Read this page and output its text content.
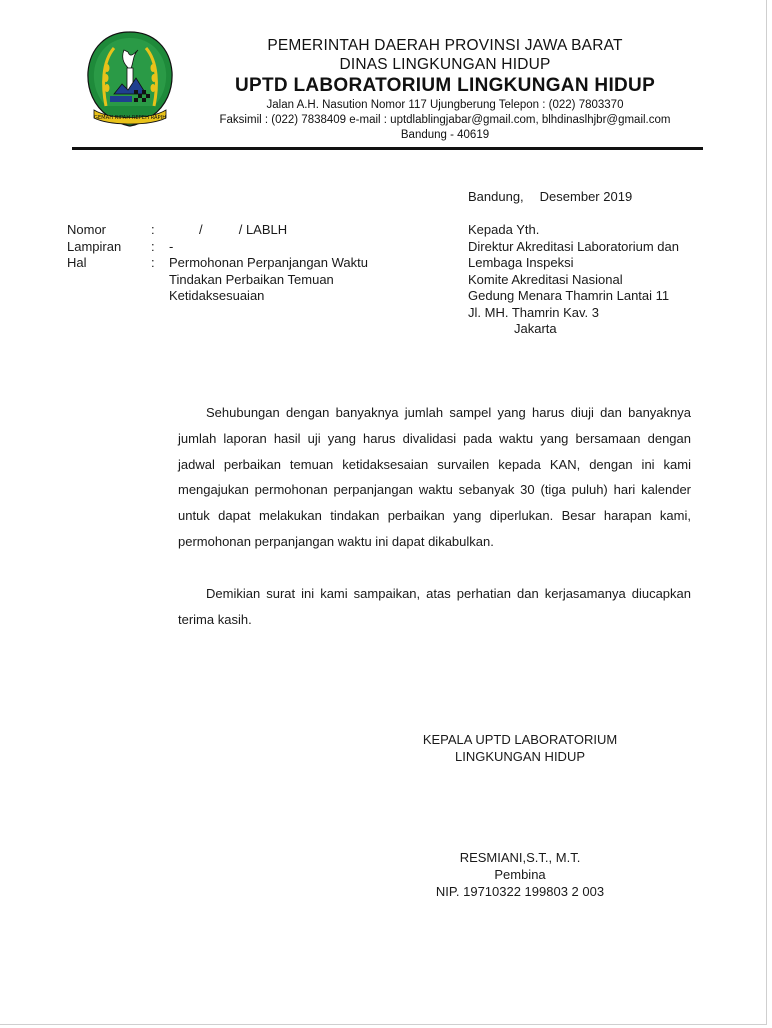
GEMAH RIPAH REPEH RAPIH
PEMERINTAH DAERAH PROVINSI JAWA BARAT
DINAS LINGKUNGAN HIDUP
UPTD LABORATORIUM LINGKUNGAN HIDUP
Jalan A.H. Nasution Nomor 117 Ujungberung Telepon : (022) 7803370
Faksimil : (022) 7838409 e-mail : uptdlablingjabar@gmail.com, blhdinaslhjbr@gmail.com
Bandung - 40619
Bandung, Desember 2019
Nomor	:	/          / LABLH
Lampiran	:	-
Hal	:	Permohonan Perpanjangan Waktu
Tindakan Perbaikan Temuan
Ketidaksesuaian
Kepada Yth.
Direktur Akreditasi Laboratorium dan
Lembaga Inspeksi
Komite Akreditasi Nasional
Gedung Menara Thamrin Lantai 11
Jl. MH. Thamrin Kav. 3
Jakarta

Sehubungan dengan banyaknya jumlah sampel yang harus diuji dan banyaknya jumlah laporan hasil uji yang harus divalidasi pada waktu yang bersamaan dengan jadwal perbaikan temuan ketidaksesaian survailen kepada KAN, dengan ini kami mengajukan permohonan perpanjangan waktu sebanyak 30 (tiga puluh) hari kalender untuk dapat melakukan tindakan perbaikan yang diperlukan. Besar harapan kami, permohonan perpanjangan waktu ini dapat dikabulkan.

Demikian surat ini kami sampaikan, atas perhatian dan kerjasamanya diucapkan terima kasih.

KEPALA UPTD LABORATORIUM
LINGKUNGAN HIDUP
RESMIANI,S.T., M.T.
Pembina
NIP. 19710322 199803 2 003
